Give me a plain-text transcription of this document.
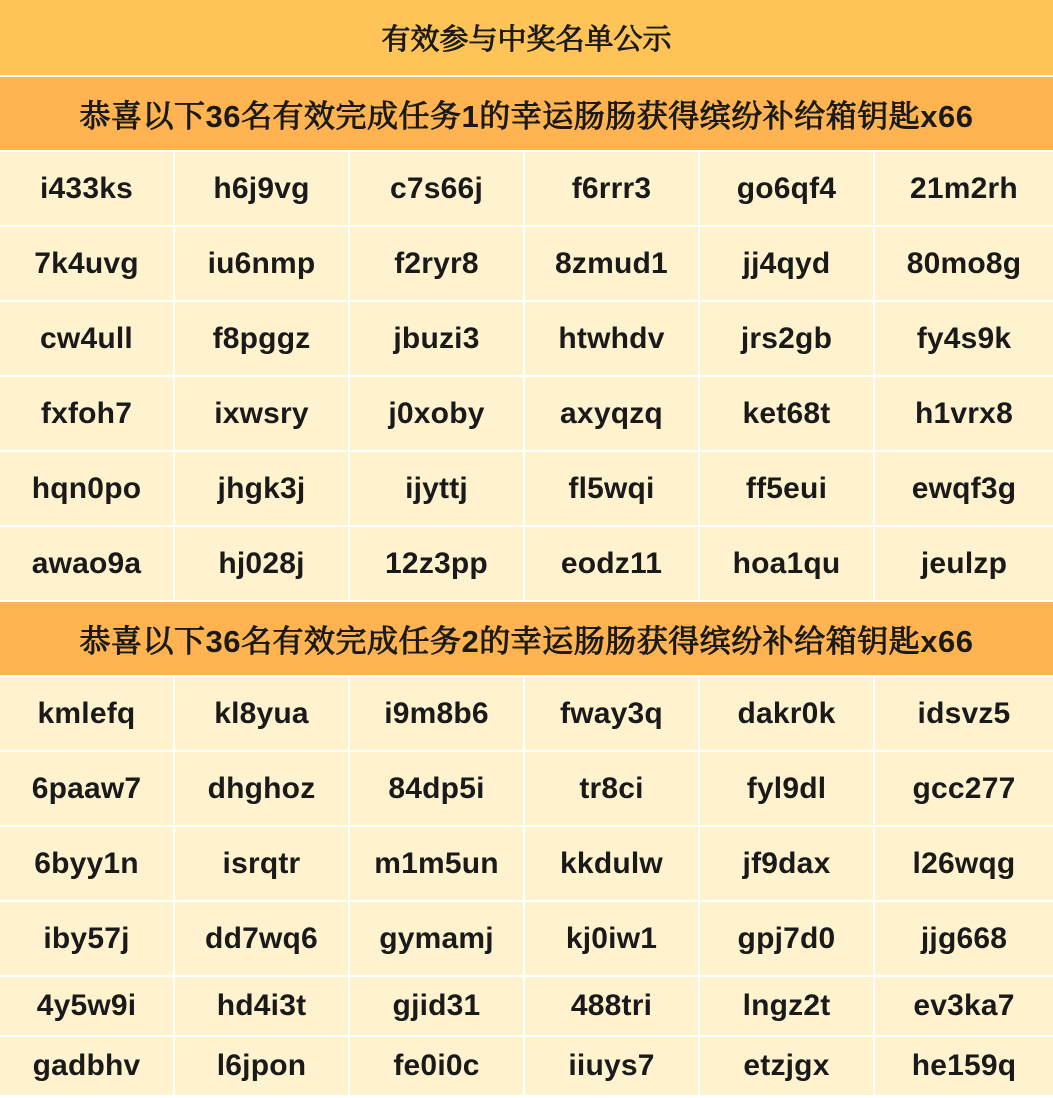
有效参与中奖名单公示
恭喜以下36名有效完成任务1的幸运肠肠获得缤纷补给箱钥匙x66
i433ks	h6j9vg	c7s66j	f6rrr3	go6qf4	21m2rh
7k4uvg	iu6nmp	f2ryr8	8zmud1	jj4qyd	80mo8g
cw4ull	f8pggz	jbuzi3	htwhdv	jrs2gb	fy4s9k
fxfoh7	ixwsry	j0xoby	axyqzq	ket68t	h1vrx8
hqn0po	jhgk3j	ijyttj	fl5wqi	ff5eui	ewqf3g
awao9a	hj028j	12z3pp	eodz11	hoa1qu	jeulzp
恭喜以下36名有效完成任务2的幸运肠肠获得缤纷补给箱钥匙x66
kmlefq	kl8yua	i9m8b6	fway3q	dakr0k	idsvz5
6paaw7	dhghoz	84dp5i	tr8ci	fyl9dl	gcc277
6byy1n	isrqtr	m1m5un	kkdulw	jf9dax	l26wqg
iby57j	dd7wq6	gymamj	kj0iw1	gpj7d0	jjg668
4y5w9i	hd4i3t	gjid31	488tri	lngz2t	ev3ka7
gadbhv	l6jpon	fe0i0c	iiuys7	etzjgx	he159q
